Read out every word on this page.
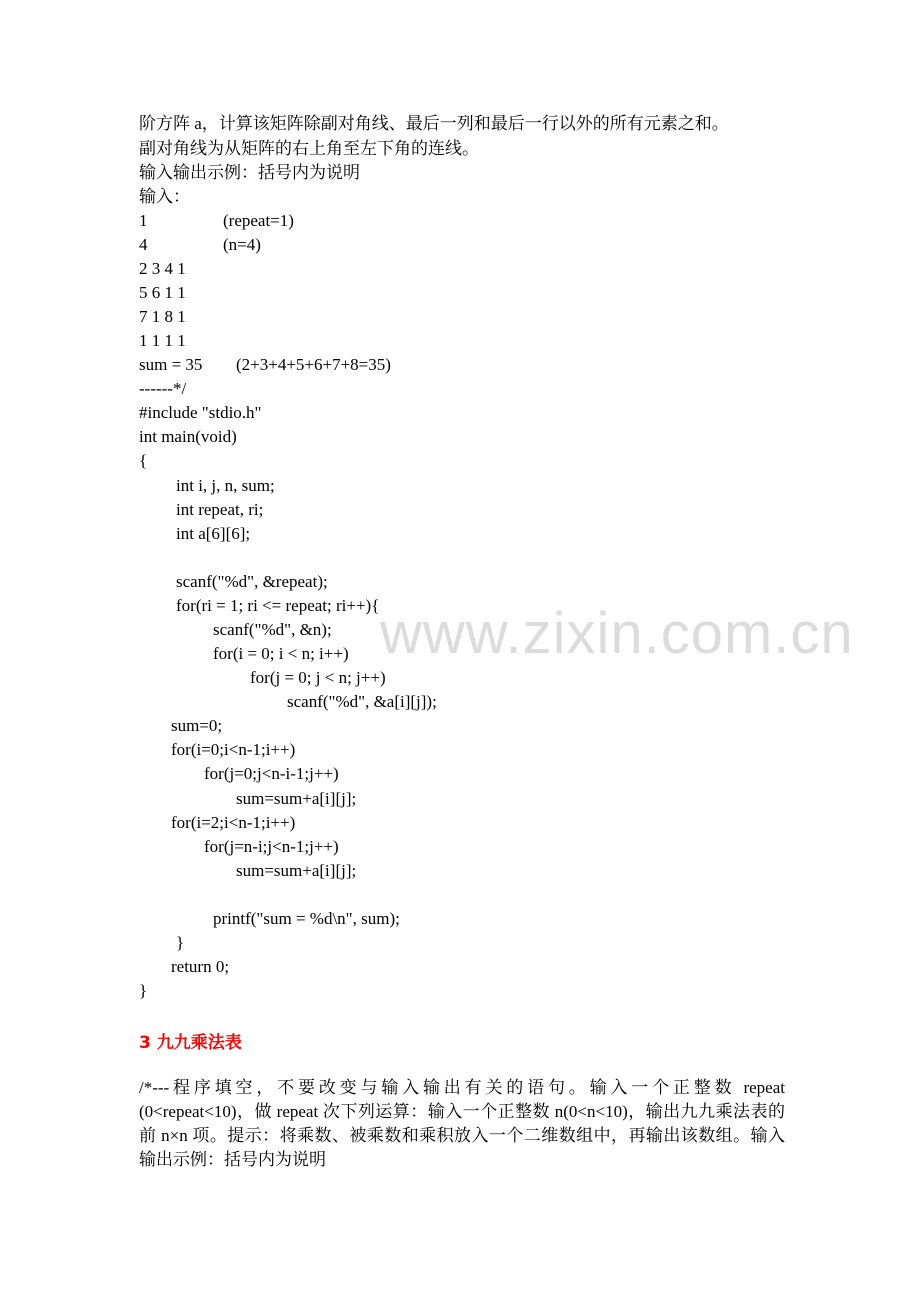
www.zixin.com.cn
阶方阵 a，计算该矩阵除副对角线、最后一列和最后一行以外的所有元素之和。
副对角线为从矩阵的右上角至左下角的连线。
输入输出示例：括号内为说明
输入：
1	(repeat=1)
4	(n=4)
2 3 4 1
5 6 1 1
7 1 8 1
1 1 1 1
sum = 35 (2+3+4+5+6+7+8=35)
------*/
#include "stdio.h"
int main(void)
{
int i, j, n, sum;
int repeat, ri;
int a[6][6];
scanf("%d", &repeat);
for(ri = 1; ri <= repeat; ri++){
scanf("%d", &n);
for(i = 0; i < n; i++)
for(j = 0; j < n; j++)
scanf("%d", &a[i][j]);
sum=0;
for(i=0;i<n-1;i++)
for(j=0;j<n-i-1;j++)
sum=sum+a[i][j];
for(i=2;i<n-1;i++)
for(j=n-i;j<n-1;j++)
sum=sum+a[i][j];
printf("sum = %d\n", sum);
}
return 0;
}
3 九九乘法表
/*---程序填空，不要改变与输入输出有关的语句。输入一个正整数 repeat (0<repeat<10)，做 repeat 次下列运算：输入一个正整数 n(0<n<10)，输出九九乘法表的前 n×n 项。提示：将乘数、被乘数和乘积放入一个二维数组中，再输出该数组。输入输出示例：括号内为说明
